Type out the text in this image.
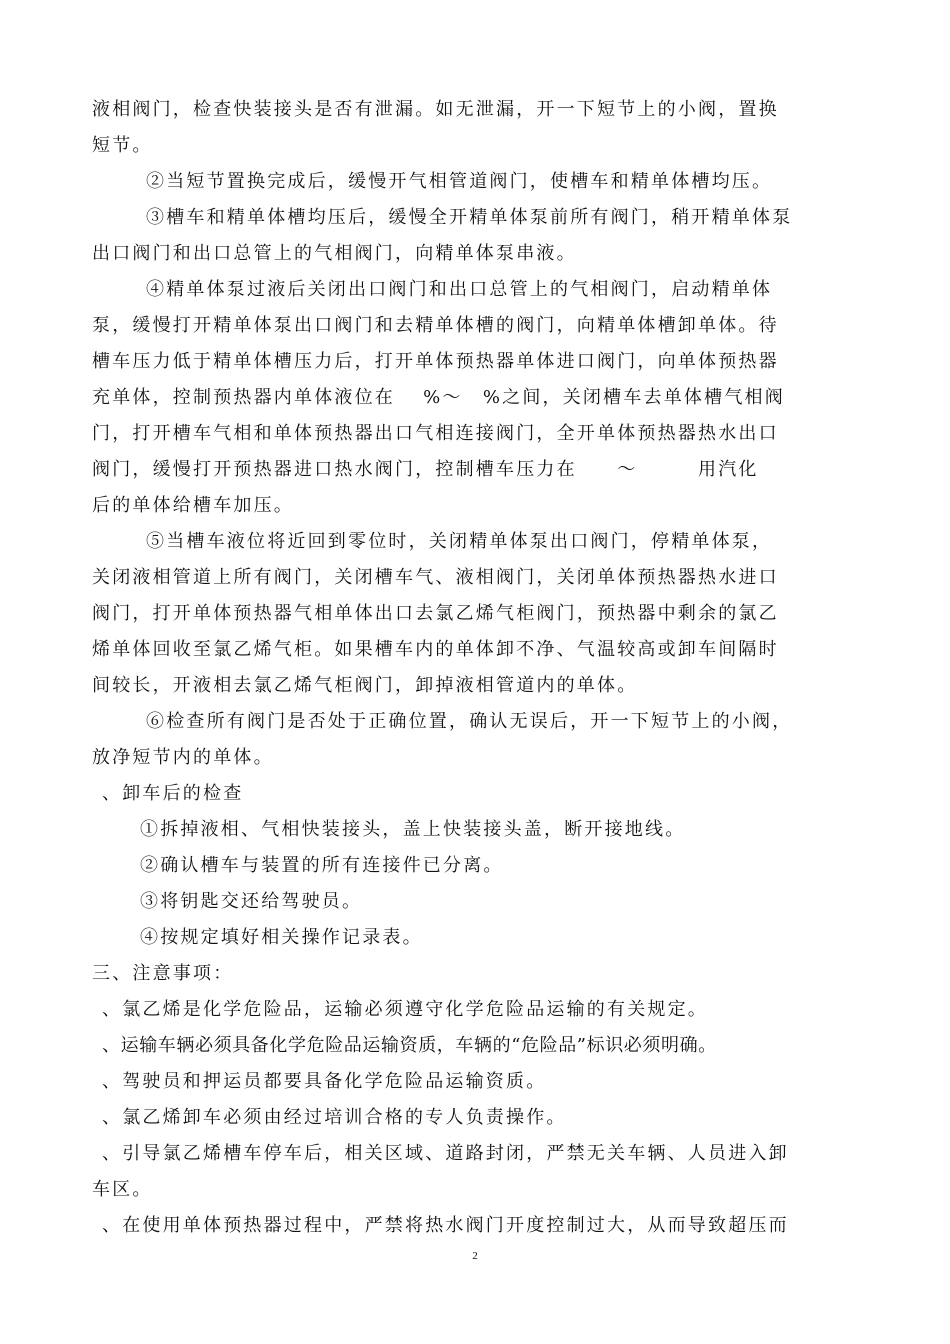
液相阀门，检查快装接头是否有泄漏。如无泄漏，开一下短节上的小阀，置换
短节。
②当短节置换完成后，缓慢开气相管道阀门，使槽车和精单体槽均压。
③槽车和精单体槽均压后，缓慢全开精单体泵前所有阀门，稍开精单体泵
出口阀门和出口总管上的气相阀门，向精单体泵串液。
④精单体泵过液后关闭出口阀门和出口总管上的气相阀门，启动精单体
泵，缓慢打开精单体泵出口阀门和去精单体槽的阀门，向精单体槽卸单体。待
槽车压力低于精单体槽压力后，打开单体预热器单体进口阀门，向单体预热器
充单体，控制预热器内单体液位在　 %～　%之间，关闭槽车去单体槽气相阀
门，打开槽车气相和单体预热器出口气相连接阀门，全开单体预热器热水出口
阀门，缓慢打开预热器进口热水阀门，控制槽车压力在　　～　　　用汽化
后的单体给槽车加压。
⑤当槽车液位将近回到零位时，关闭精单体泵出口阀门，停精单体泵，
关闭液相管道上所有阀门，关闭槽车气、液相阀门，关闭单体预热器热水进口
阀门，打开单体预热器气相单体出口去氯乙烯气柜阀门，预热器中剩余的氯乙
烯单体回收至氯乙烯气柜。如果槽车内的单体卸不净、气温较高或卸车间隔时
间较长，开液相去氯乙烯气柜阀门，卸掉液相管道内的单体。
⑥检查所有阀门是否处于正确位置，确认无误后，开一下短节上的小阀，
放净短节内的单体。
、卸车后的检查
①拆掉液相、气相快装接头，盖上快装接头盖，断开接地线。
②确认槽车与装置的所有连接件已分离。
③将钥匙交还给驾驶员。
④按规定填好相关操作记录表。
三、注意事项：
、氯乙烯是化学危险品，运输必须遵守化学危险品运输的有关规定。
、运输车辆必须具备化学危险品运输资质，车辆的“危险品”标识必须明确。
、驾驶员和押运员都要具备化学危险品运输资质。
、氯乙烯卸车必须由经过培训合格的专人负责操作。
、引导氯乙烯槽车停车后，相关区域、道路封闭，严禁无关车辆、人员进入卸
车区。
、在使用单体预热器过程中，严禁将热水阀门开度控制过大，从而导致超压而
2
